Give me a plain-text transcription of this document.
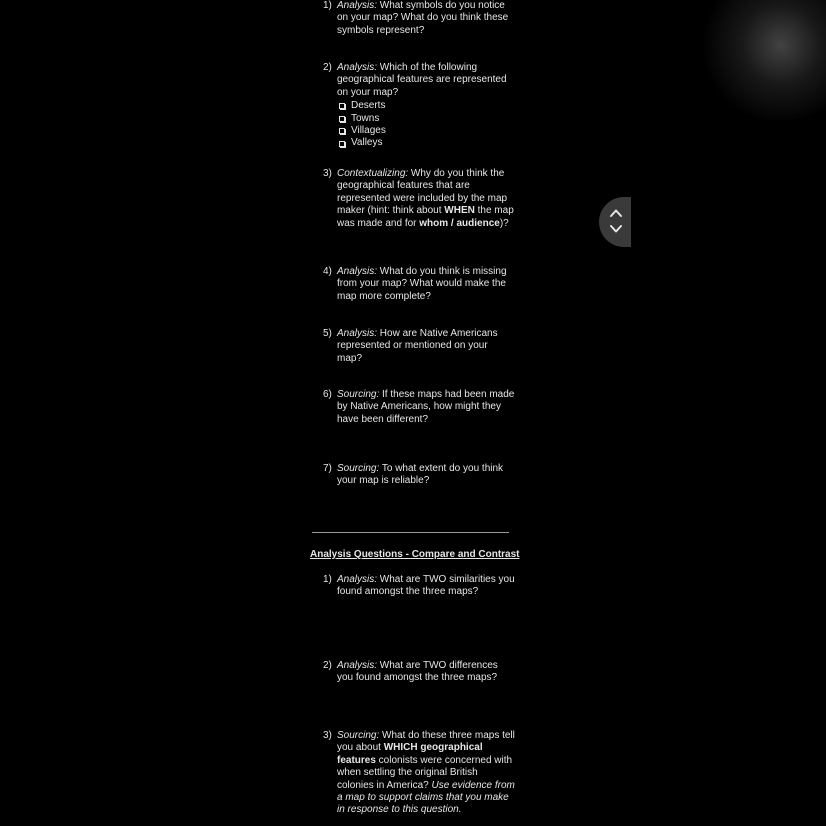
1) Analysis: What symbols do you notice on your map? What do you think these symbols represent?
2) Analysis: Which of the following geographical features are represented on your map?
Deserts
Towns
Villages
Valleys
3) Contextualizing: Why do you think the geographical features that are represented were included by the map maker (hint: think about WHEN the map was made and for whom / audience)?
4) Analysis: What do you think is missing from your map? What would make the map more complete?
5) Analysis: How are Native Americans represented or mentioned on your map?
6) Sourcing: If these maps had been made by Native Americans, how might they have been different?
7) Sourcing: To what extent do you think your map is reliable?
Analysis Questions - Compare and Contrast
1) Analysis: What are TWO similarities you found amongst the three maps?
2) Analysis: What are TWO differences you found amongst the three maps?
3) Sourcing: What do these three maps tell you about WHICH geographical features colonists were concerned with when settling the original British colonies in America? Use evidence from a map to support claims that you make in response to this question.
